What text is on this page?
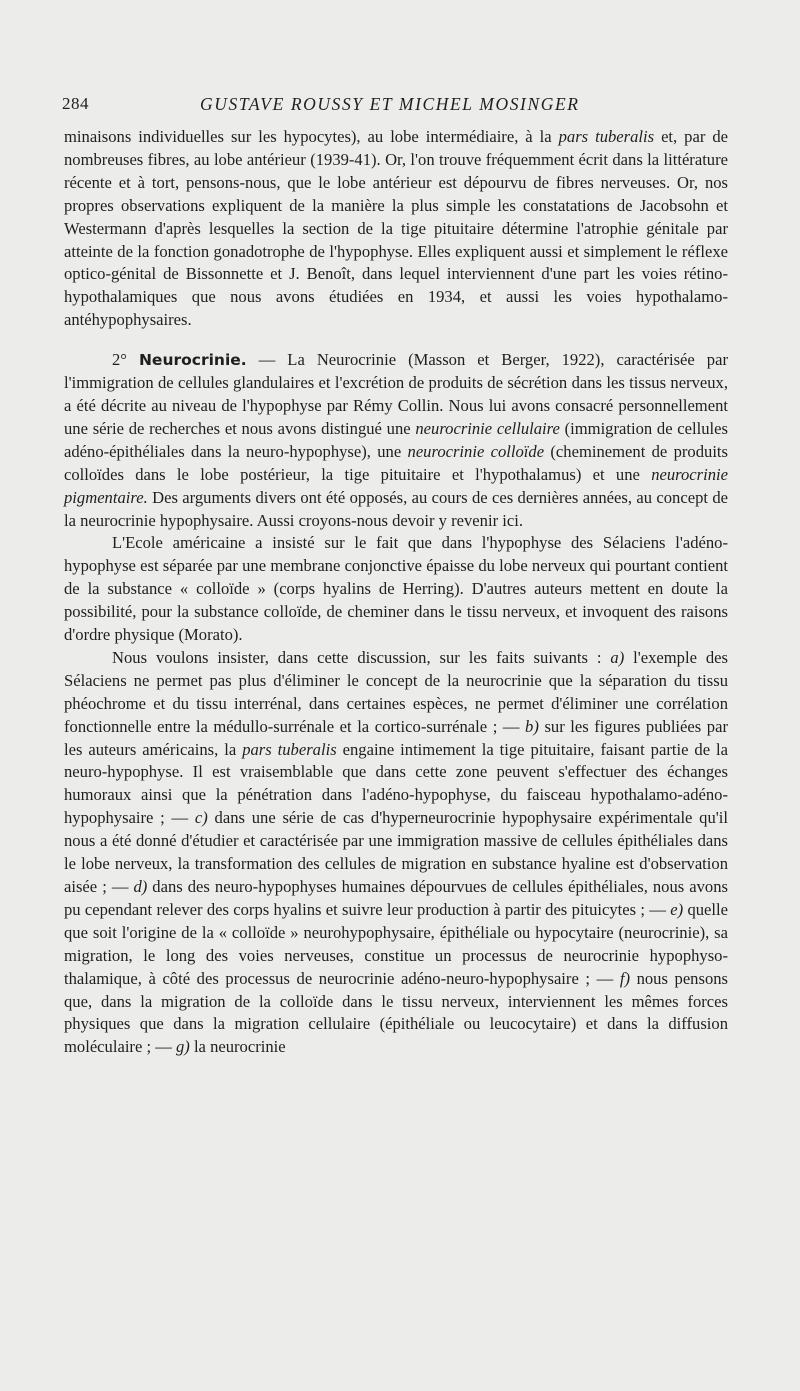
284	GUSTAVE ROUSSY ET MICHEL MOSINGER

minaisons individuelles sur les hypocytes), au lobe intermédiaire, à la pars tuberalis et, par de nombreuses fibres, au lobe antérieur (1939-41). Or, l'on trouve fréquemment écrit dans la littérature récente et à tort, pensons-nous, que le lobe antérieur est dépourvu de fibres nerveuses. Or, nos propres observations expliquent de la manière la plus simple les constatations de Jacobsohn et Westermann d'après lesquelles la section de la tige pituitaire détermine l'atrophie génitale par atteinte de la fonction gonadotrophe de l'hypophyse. Elles expliquent aussi et simplement le réflexe optico-génital de Bissonnette et J. Benoît, dans lequel interviennent d'une part les voies rétino-hypothalamiques que nous avons étudiées en 1934, et aussi les voies hypothalamo-antéhypophysaires.

2° Neurocrinie. — La Neurocrinie (Masson et Berger, 1922), caractérisée par l'immigration de cellules glandulaires et l'excrétion de produits de sécrétion dans les tissus nerveux, a été décrite au niveau de l'hypophyse par Rémy Collin. Nous lui avons consacré personnellement une série de recherches et nous avons distingué une neurocrinie cellulaire (immigration de cellules adéno-épithéliales dans la neuro-hypophyse), une neurocrinie colloïde (cheminement de produits colloïdes dans le lobe postérieur, la tige pituitaire et l'hypothalamus) et une neurocrinie pigmentaire. Des arguments divers ont été opposés, au cours de ces dernières années, au concept de la neurocrinie hypophysaire. Aussi croyons-nous devoir y revenir ici.

L'Ecole américaine a insisté sur le fait que dans l'hypophyse des Sélaciens l'adéno-hypophyse est séparée par une membrane conjonctive épaisse du lobe nerveux qui pourtant contient de la substance « colloïde » (corps hyalins de Herring). D'autres auteurs mettent en doute la possibilité, pour la substance colloïde, de cheminer dans le tissu nerveux, et invoquent des raisons d'ordre physique (Morato).

Nous voulons insister, dans cette discussion, sur les faits suivants : a) l'exemple des Sélaciens ne permet pas plus d'éliminer le concept de la neurocrinie que la séparation du tissu phéochrome et du tissu interrénal, dans certaines espèces, ne permet d'éliminer une corrélation fonctionnelle entre la médullo-surrénale et la cortico-surrénale ; — b) sur les figures publiées par les auteurs américains, la pars tuberalis engaine intimement la tige pituitaire, faisant partie de la neuro-hypophyse. Il est vraisemblable que dans cette zone peuvent s'effectuer des échanges humoraux ainsi que la pénétration dans l'adéno-hypophyse, du faisceau hypothalamo-adéno-hypophysaire ; — c) dans une série de cas d'hyperneurocrinie hypophysaire expérimentale qu'il nous a été donné d'étudier et caractérisée par une immigration massive de cellules épithéliales dans le lobe nerveux, la transformation des cellules de migration en substance hyaline est d'observation aisée ; — d) dans des neuro-hypophyses humaines dépourvues de cellules épithéliales, nous avons pu cependant relever des corps hyalins et suivre leur production à partir des pituicytes ; — e) quelle que soit l'origine de la « colloïde » neurohypophysaire, épithéliale ou hypocytaire (neurocrinie), sa migration, le long des voies nerveuses, constitue un processus de neurocrinie hypophyso-thalamique, à côté des processus de neurocrinie adéno-neuro-hypophysaire ; — f) nous pensons que, dans la migration de la colloïde dans le tissu nerveux, interviennent les mêmes forces physiques que dans la migration cellulaire (épithéliale ou leucocytaire) et dans la diffusion moléculaire ; — g) la neurocrinie
